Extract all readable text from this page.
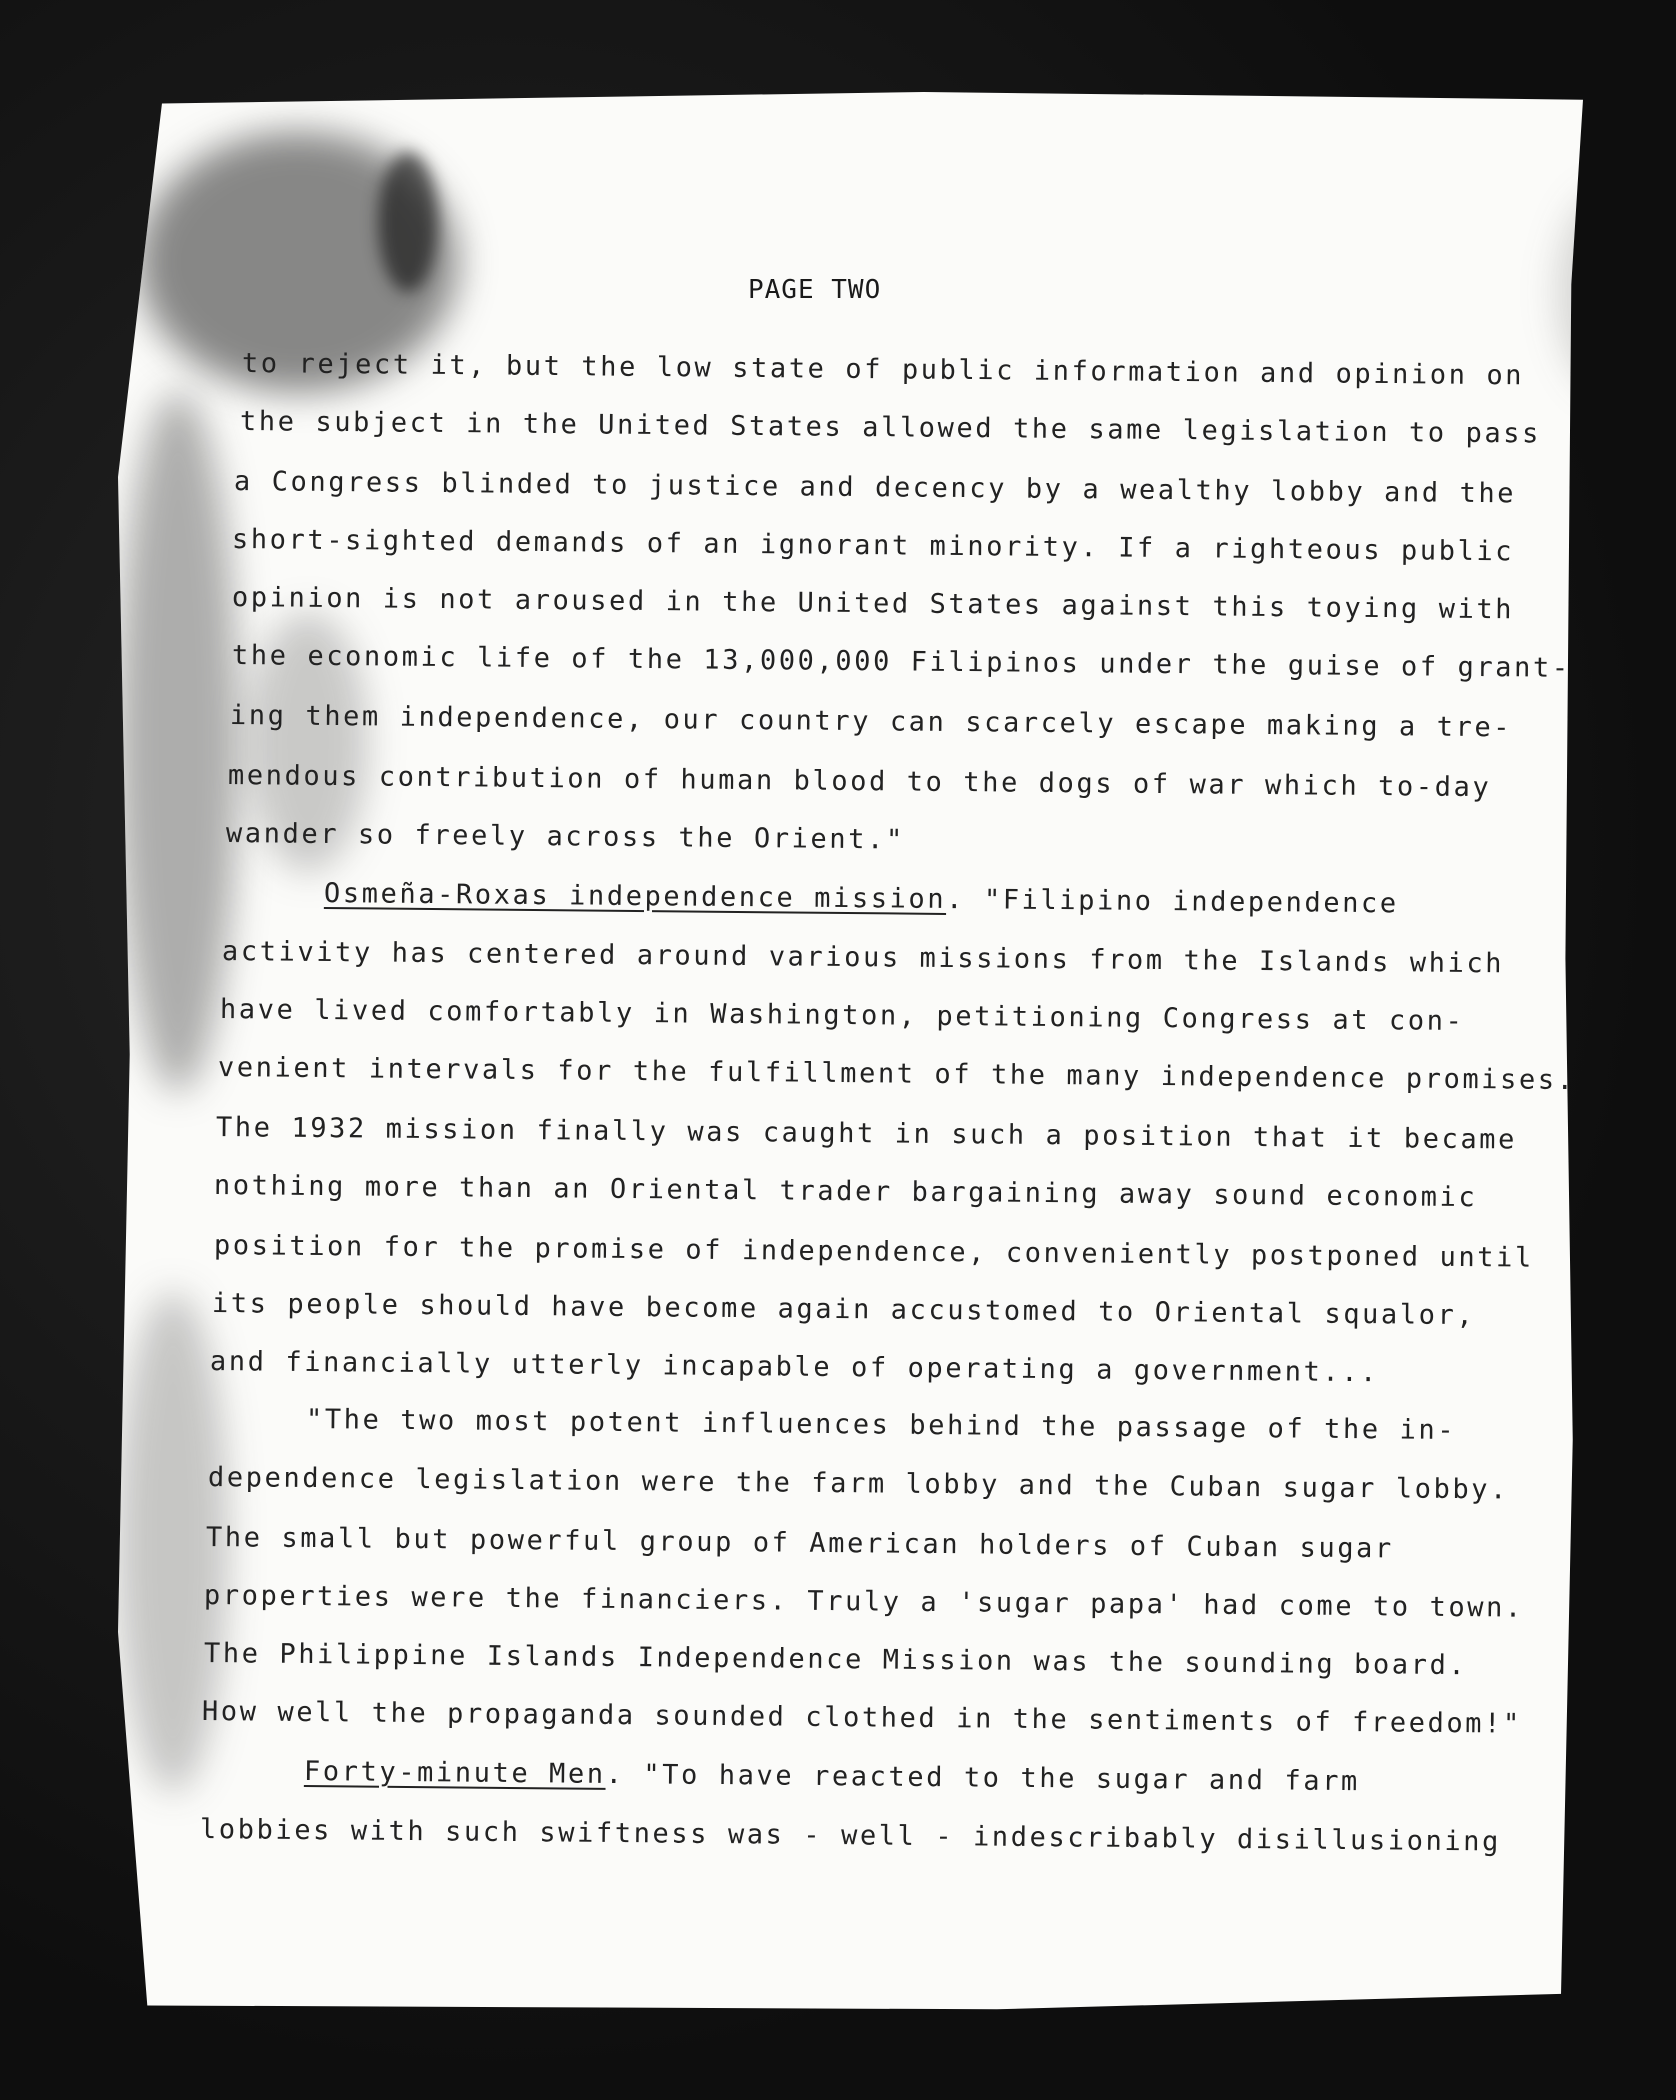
PAGE TWO
to reject it, but the low state of public information and opinion on
the subject in the United States allowed the same legislation to pass
a Congress blinded to justice and decency by a wealthy lobby and the
short-sighted demands of an ignorant minority. If a righteous public
opinion is not aroused in the United States against this toying with
the economic life of the 13,000,000 Filipinos under the guise of grant-
ing them independence, our country can scarcely escape making a tre-
mendous contribution of human blood to the dogs of war which to-day
wander so freely across the Orient."
Osmeña-Roxas independence mission. "Filipino independence
activity has centered around various missions from the Islands which
have lived comfortably in Washington, petitioning Congress at con-
venient intervals for the fulfillment of the many independence promises.
The 1932 mission finally was caught in such a position that it became
nothing more than an Oriental trader bargaining away sound economic
position for the promise of independence, conveniently postponed until
its people should have become again accustomed to Oriental squalor,
and financially utterly incapable of operating a government...
"The two most potent influences behind the passage of the in-
dependence legislation were the farm lobby and the Cuban sugar lobby.
The small but powerful group of American holders of Cuban sugar
properties were the financiers. Truly a 'sugar papa' had come to town.
The Philippine Islands Independence Mission was the sounding board.
How well the propaganda sounded clothed in the sentiments of freedom!"
Forty-minute Men. "To have reacted to the sugar and farm
lobbies with such swiftness was - well - indescribably disillusioning
